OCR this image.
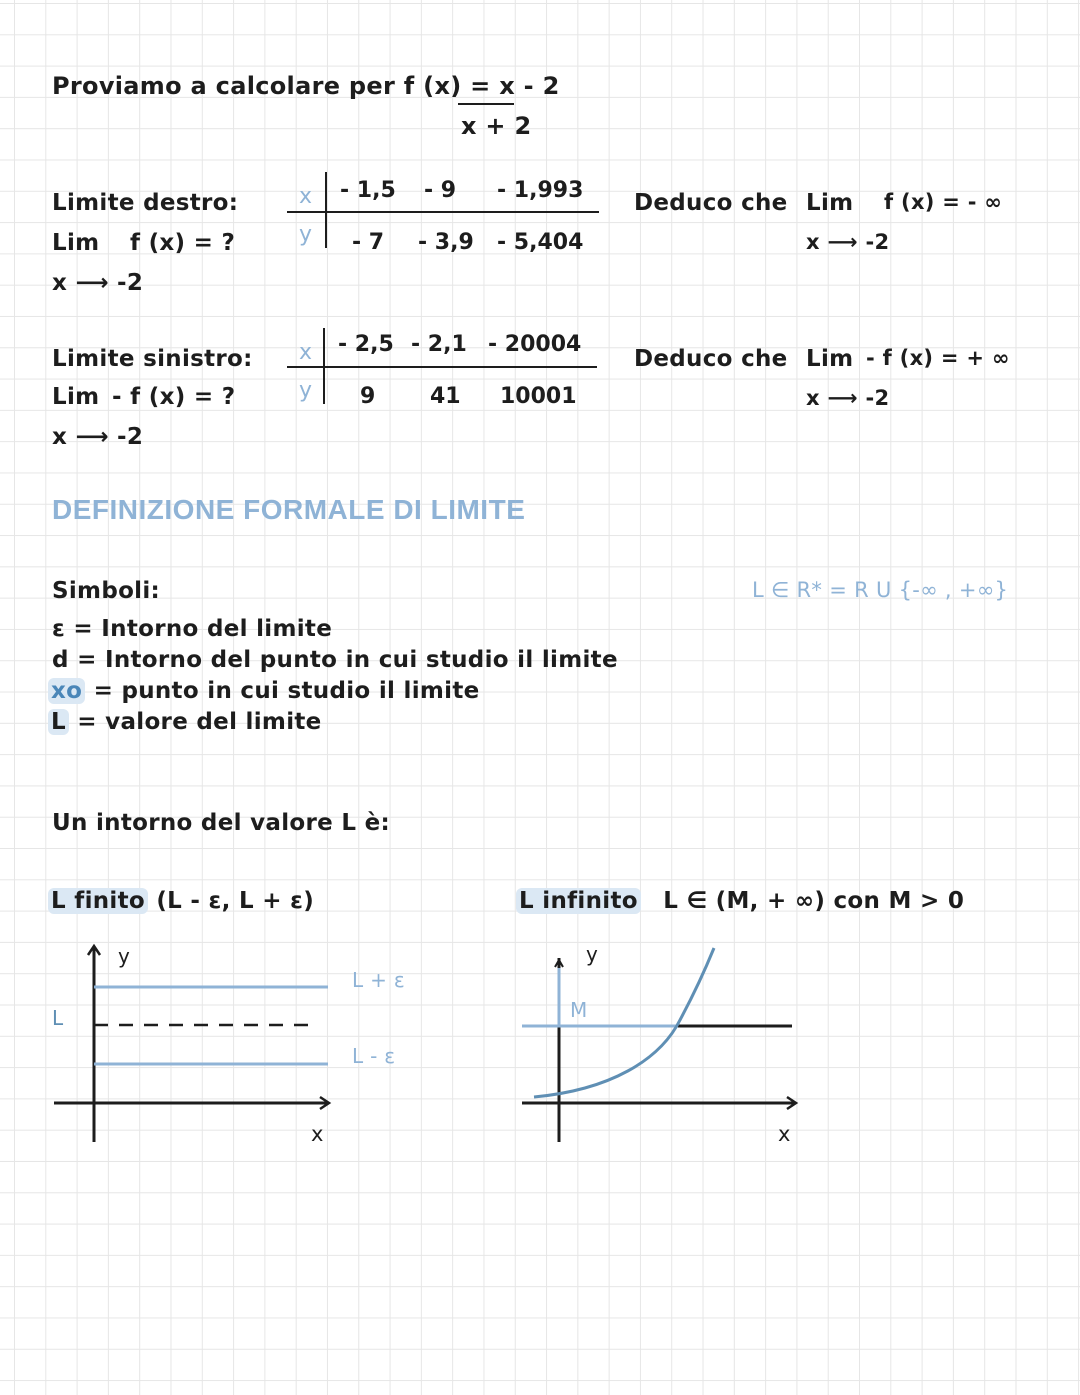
Proviamo a calcolare per f (x) = x - 2
x + 2
Limite destro:
Lim f (x) = ?
x ⟶ -2
x
y
- 1,5 - 9 - 1,993
- 7 - 3,9 - 5,404
Deduco che Lim f (x) = - ∞
x ⟶ -2
Limite sinistro:
Lim - f (x) = ?
x ⟶ -2
x
y
- 2,5 - 2,1 - 20004
9 41 10001
Deduco che Lim - f (x) = + ∞
x ⟶ -2
DEFINIZIONE FORMALE DI LIMITE
Simboli:	L ∈ R* = R U {-∞ , +∞}
ε = Intorno del limite
d = Intorno del punto in cui studio il limite
xo = punto in cui studio il limite
L = valore del limite
Un intorno del valore L è:
L finito (L - ε, L + ε)	L infinito L ∈ (M, + ∞) con M > 0
y
x
L
L + ε
L - ε
y
x
M
